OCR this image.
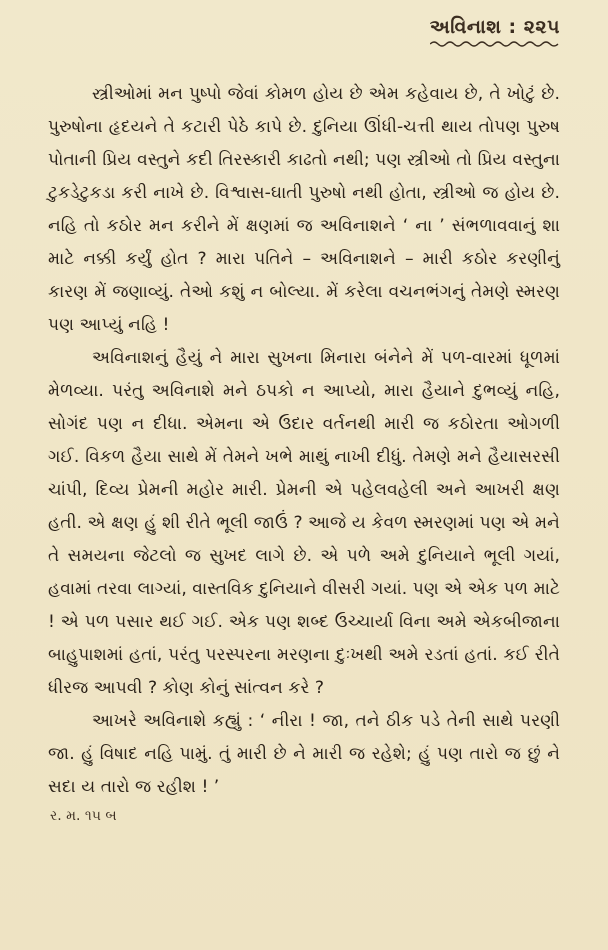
અવિનાશ : ૨૨૫

સ્ત્રીઓમાં મન પુષ્પો જેવાં કોમળ હોય છે એમ કહેવાય છે, તે ખોટું છે. પુરુષોના હૃદયને તે કટારી પેઠે કાપે છે. દુનિયા ઊંધી-ચત્તી થાય તોપણ પુરુષ પોતાની પ્રિય વસ્તુને કદી તિરસ્કારી કાઢતો નથી; પણ સ્ત્રીઓ તો પ્રિય વસ્તુના ટુકડેટુકડા કરી નાખે છે. વિશ્વાસ-ઘાતી પુરુષો નથી હોતા, સ્ત્રીઓ જ હોય છે. નહિ તો કઠોર મન કરીને મેં ક્ષણમાં જ અવિનાશને ‘ ના ’ સંભળાવવાનું શા માટે નક્કી કર્યું હોત ? મારા પતિને – અવિનાશને – મારી કઠોર કરણીનું કારણ મેં જણાવ્યું. તેઓ કશું ન બોલ્યા. મેં કરેલા વચનભંગનું તેમણે સ્મરણ પણ આપ્યું નહિ !

અવિનાશનું હૈયું ને મારા સુખના મિનારા બંનેને મેં પળ-વારમાં ધૂળમાં મેળવ્યા. પરંતુ અવિનાશે મને ઠપકો ન આપ્યો, મારા હૈયાને દુભવ્યું નહિ, સોગંદ પણ ન દીધા. એમના એ ઉદાર વર્તનથી મારી જ કઠોરતા ઓગળી ગઈ. વિકળ હૈયા સાથે મેં તેમને ખભે માથું નાખી દીધું. તેમણે મને હૈયાસરસી ચાંપી, દિવ્ય પ્રેમની મહોર મારી. પ્રેમની એ પહેલવહેલી અને આખરી ક્ષણ હતી. એ ક્ષણ હું શી રીતે ભૂલી જાઉં ? આજે ય કેવળ સ્મરણમાં પણ એ મને તે સમયના જેટલો જ સુખદ લાગે છે. એ પળે અમે દુનિયાને ભૂલી ગયાં, હવામાં તરવા લાગ્યાં, વાસ્તવિક દુનિયાને વીસરી ગયાં. પણ એ એક પળ માટે ! એ પળ પસાર થઈ ગઈ. એક પણ શબ્દ ઉચ્ચાર્યા વિના અમે એકબીજાના બાહુપાશમાં હતાં, પરંતુ પરસ્પરના મરણના દુઃખથી અમે રડતાં હતાં. કઈ રીતે ધીરજ આપવી ? કોણ કોનું સાંત્વન કરે ?

આખરે અવિનાશે કહ્યું : ‘ નીરા ! જા, તને ઠીક પડે તેની સાથે પરણી જા. હું વિષાદ નહિ પામું. તું મારી છે ને મારી જ રહેશે; હું પણ તારો જ છું ને સદા ય તારો જ રહીશ ! ’

ર. મ. ૧૫ બ
